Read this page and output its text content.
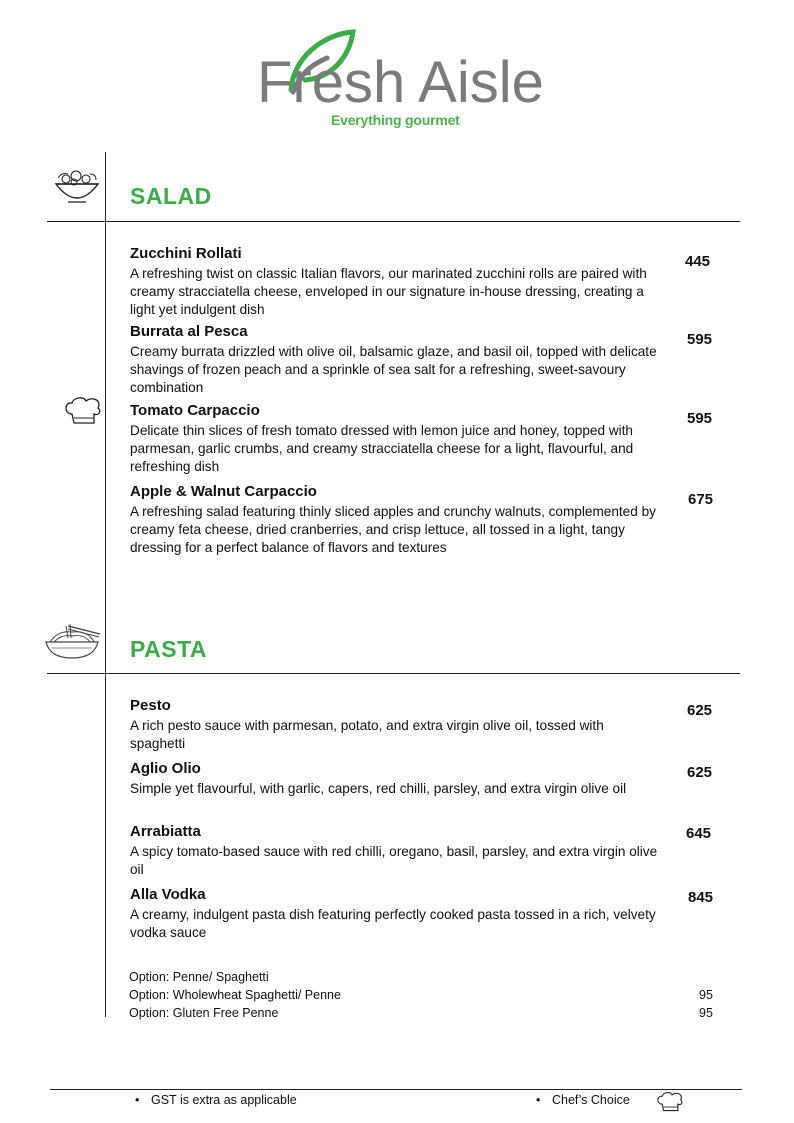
Fresh Aisle
Everything gourmet
SALAD
Zucchini Rollati
A refreshing twist on classic Italian flavors, our marinated zucchini rolls are paired with creamy stracciatella cheese, enveloped in our signature in-house dressing, creating a light yet indulgent dish
445
Burrata al Pesca
Creamy burrata drizzled with olive oil, balsamic glaze, and basil oil, topped with delicate shavings of frozen peach and a sprinkle of sea salt for a refreshing, sweet-savoury combination
595
Tomato Carpaccio
Delicate thin slices of fresh tomato dressed with lemon juice and honey, topped with parmesan, garlic crumbs, and creamy stracciatella cheese for a light, flavourful, and refreshing dish
595
Apple & Walnut Carpaccio
A refreshing salad featuring thinly sliced apples and crunchy walnuts, complemented by creamy feta cheese, dried cranberries, and crisp lettuce, all tossed in a light, tangy dressing for a perfect balance of flavors and textures
675
PASTA
Pesto
A rich pesto sauce with parmesan, potato, and extra virgin olive oil, tossed with spaghetti
625
Aglio Olio
Simple yet flavourful, with garlic, capers, red chilli, parsley, and extra virgin olive oil
625
Arrabiatta
A spicy tomato-based sauce with red chilli, oregano, basil, parsley, and extra virgin olive oil
645
Alla Vodka
A creamy, indulgent pasta dish featuring perfectly cooked pasta tossed in a rich, velvety vodka sauce
845
Option: Penne/ Spaghetti
Option: Wholewheat Spaghetti/ Penne	95
Option: Gluten Free Penne	95
• GST is extra as applicable	• Chef’s Choice
